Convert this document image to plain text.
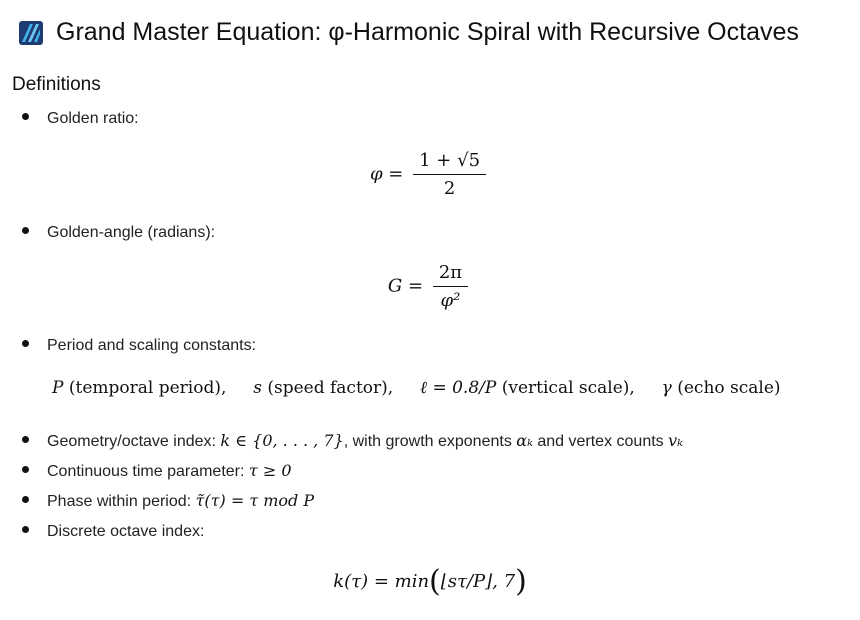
Grand Master Equation: φ-Harmonic Spiral with Recursive Octaves
Definitions
Golden ratio:
$\varphi = \frac{1 + √5}{2}$
Golden-angle (radians):
$G = \frac{2\pi}{\text{φ²}}$
Period and scaling constants:
P (temporal period), s (speed factor), ℓ = 0.8/P (vertical scale), γ (echo scale)
Geometry/octave index:
k ∈ {0, . . . , 7} , with growth exponents
αₖ
and vertex counts
vₖ
Continuous time parameter:
τ ≥ 0
Phase within period:
τ̃(τ) = τ mod P
Discrete octave index:
k(τ) = min(⌊sτ/P⌋, 7)
